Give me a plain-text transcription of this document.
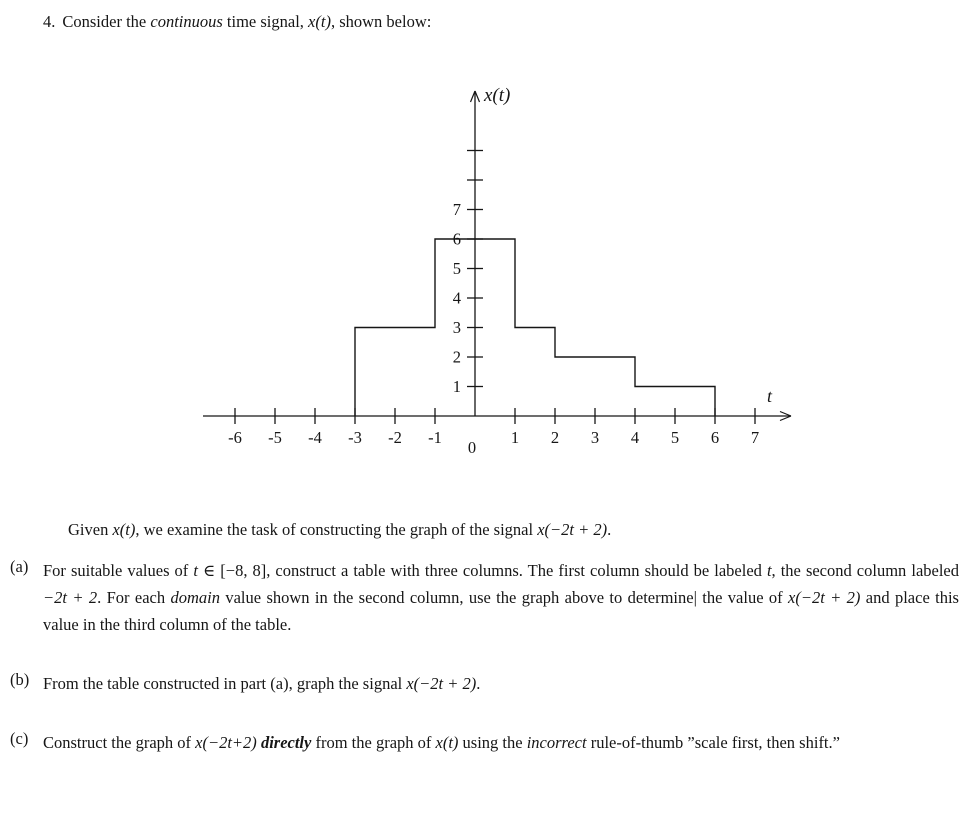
4. Consider the continuous time signal, x(t), shown below:

-6 -5 -4 -3 -2 -1
0
1 2 3 4 5 6 7
1
2
3
4
5
6
7
x(t)
t

Given x(t), we examine the task of constructing the graph of the signal x(−2t + 2).

(a) For suitable values of t ∈ [−8, 8], construct a table with three columns. The first column should be labeled t, the second column labeled −2t + 2. For each domain value shown in the second column, use the graph above to determine| the value of x(−2t + 2) and place this value in the third column of the table.
(b) From the table constructed in part (a), graph the signal x(−2t + 2).
(c) Construct the graph of x(−2t+2) directly from the graph of x(t) using the incorrect rule-of-thumb ”scale first, then shift.”
